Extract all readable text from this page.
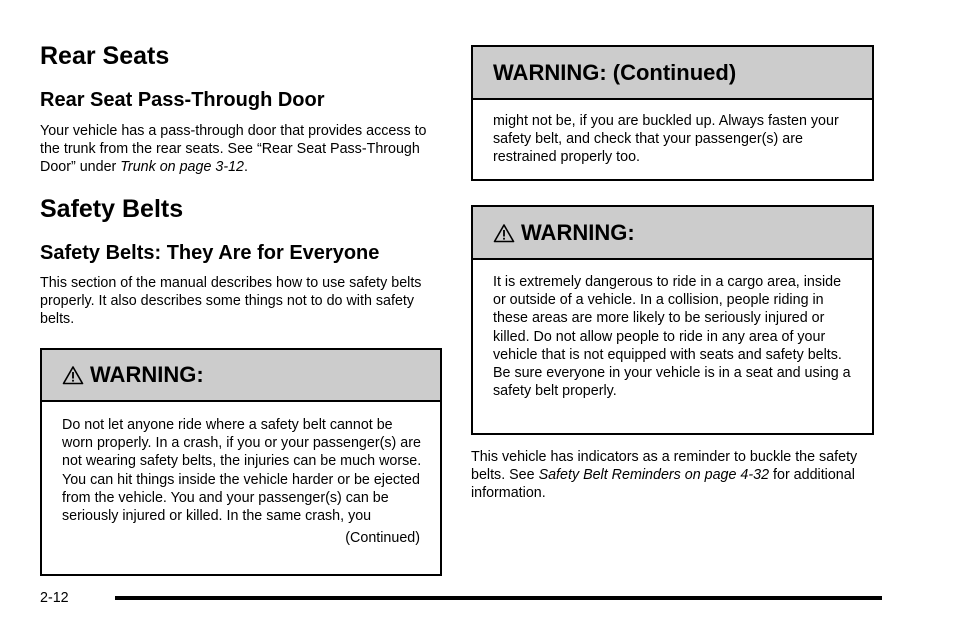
Rear Seats
Rear Seat Pass-Through Door

Your vehicle has a pass-through door that provides access to the trunk from the rear seats. See “Rear Seat Pass-Through Door” under Trunk on page 3-12.

Safety Belts
Safety Belts: They Are for Everyone

This section of the manual describes how to use safety belts properly. It also describes some things not to do with safety belts.

WARNING:

Do not let anyone ride where a safety belt cannot be worn properly. In a crash, if you or your passenger(s) are not wearing safety belts, the injuries can be much worse. You can hit things inside the vehicle harder or be ejected from the vehicle. You and your passenger(s) can be seriously injured or killed. In the same crash, you

(Continued)
WARNING: (Continued)

might not be, if you are buckled up. Always fasten your safety belt, and check that your passenger(s) are restrained properly too.

WARNING:

It is extremely dangerous to ride in a cargo area, inside or outside of a vehicle. In a collision, people riding in these areas are more likely to be seriously injured or killed. Do not allow people to ride in any area of your vehicle that is not equipped with seats and safety belts. Be sure everyone in your vehicle is in a seat and using a safety belt properly.

This vehicle has indicators as a reminder to buckle the safety belts. See Safety Belt Reminders on page 4-32 for additional information.

2-12
